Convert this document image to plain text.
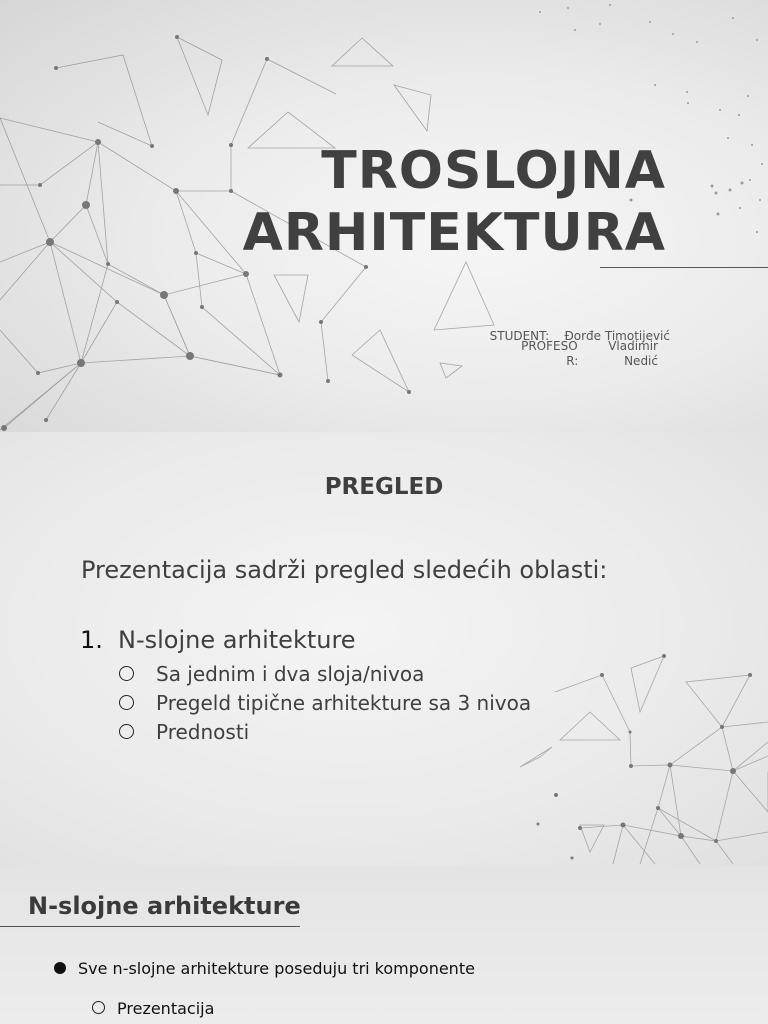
TROSLOJNA
ARHITEKTURA
STUDENT: Đorđe Timotijević
PROFESO	Vladimir
R:	Nedić
PREGLED
Prezentacija sadrži pregled sledećih oblasti:
1. N-slojne arhitekture
Sa jednim i dva sloja/nivoa
Pregeld tipične arhitekture sa 3 nivoa
Prednosti
N-slojne arhitekture
Sve n-slojne arhitekture poseduju tri komponente
Prezentacija
